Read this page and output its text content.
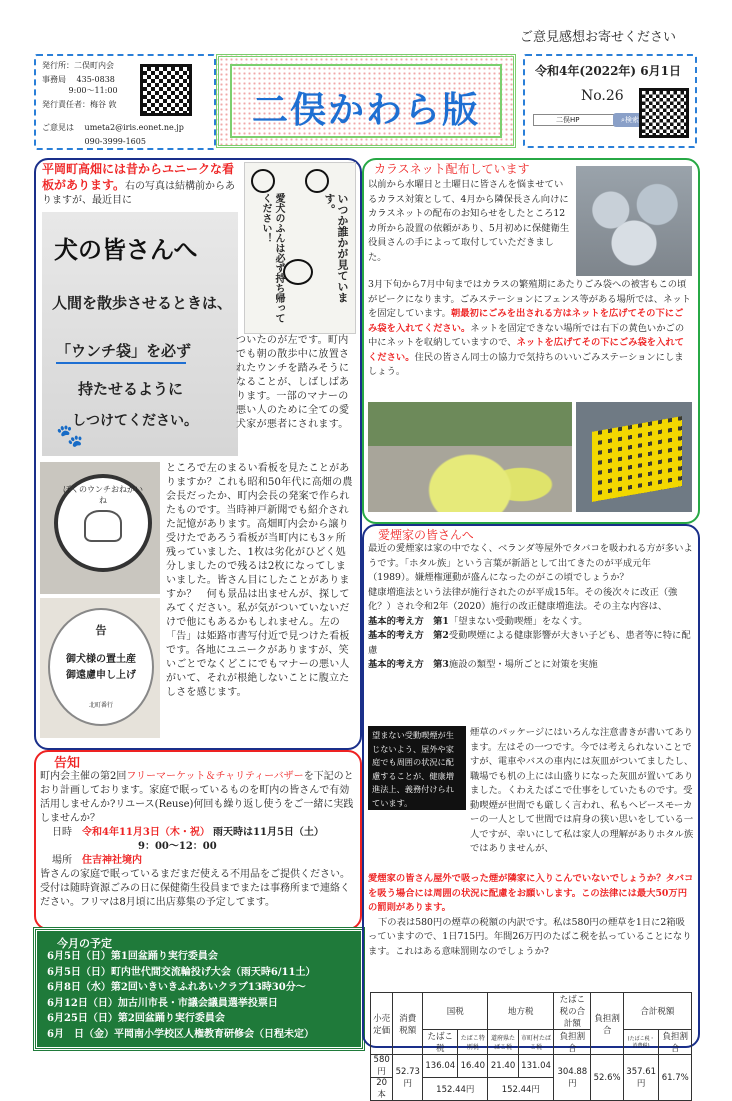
ご意見感想お寄せください
発行所：二俣町内会
事務局　 435-0838
　　　 9:00～11:00
発行責任者：梅谷 敦
ご意見は　 umeta2@iris.eonet.ne.jp
　　　　　 090-3999-1605
二俣かわら版
令和4年(2022年) 6月1日
No.26
二俣HP	⌕検索
平岡町高畑には昔からユニークな看板があります。右の写真は結構前からありますが、最近目に
犬の皆さんへ
人間を散歩させるときは、
「ウンチ袋」を必ず
持たせるように
しつけてください。
🐾
いつか誰かが見ています。
愛犬のふんは必ず持ち帰ってください！
ついたのが左です。町内でも朝の散歩中に放置されたウンチを踏みそうになることが、しばしばあります。一部のマナーの悪い人のために全ての愛犬家が悪者にされます。
ぼくのウンチおねがいね
告
御犬様の置土産
御遠慮申し上げ
北町番行
ところで左のまるい看板を見たことがありますか？これも昭和50年代に高畑の農会長だったか、町内会長の発案で作られたものです。当時神戸新聞でも紹介された記憶があります。高畑町内会から譲り受けたであろう看板が当町内にも3ヶ所残っていました、1枚は劣化がひどく処分しましたので残るは2枚になってしまいました。皆さん目にしたことがありますか？　何も景品は出ませんが、探してみてください。私が気がついていないだけで他にもあるかもしれません。左の「告」は姫路市書写付近で見つけた看板です。各地にユニークがありますが、笑いごとでなくどこにでもマナーの悪い人がいて、それが根絶しないことに腹立たしさを感じます。
告知
町内会主催の第2回フリーマーケット＆チャリティーバザーを下記のとおり計画しております。家庭で眠っているものを町内の皆さんで有効活用しませんか?リユース(Reuse)何回も繰り返し使うをご一緒に実践しませんか？
日時　 令和4年11月3日（木・祝） 雨天時は11月5日（土）
9：00～12：00
場所　 住吉神社境内
皆さんの家庭で眠っているまだまだ使える不用品をご提供ください。受付は随時資源ごみの日に保健衛生役員までまたは事務所まで連絡ください。フリマは8月頃に出店募集の予定してます。
今月の予定
6月5日（日）第1回盆踊り実行委員会
6月5日（日）町内世代間交流輪投げ大会（雨天時6/11土）
6月8日（水）第2回いきいきふれあいクラブ13時30分～
6月12日（日）加古川市長・市議会議員選挙投票日
6月25日（日）第2回盆踊り実行委員会
6月　日（金）平岡南小学校区人権教育研修会（日程未定）
カラスネット配布しています
以前から水曜日と土曜日に皆さんを悩ませているカラス対策として、4月から隣保長さん向けにカラスネットの配布のお知らせをしたところ12カ所から設置の依頼があり、5月初めに保健衛生役員さんの手によって取付していただきました。
3月下旬から7月中旬まではカラスの繁殖期にあたりごみ袋への被害もこの頃がピークになります。ごみステーションにフェンス等がある場所では、ネットを固定しています。朝最初にごみを出される方はネットを広げてその下にごみ袋を入れてください。ネットを固定できない場所では右下の黄色いかごの中にネットを収納していますので、ネットを広げてその下にごみ袋を入れてください。住民の皆さん同士の協力で気持ちのいいごみステーションにしましょう。
愛煙家の皆さんへ
最近の愛煙家は家の中でなく、ベランダ等屋外でタバコを吸われる方が多いようです。「ホタル族」という言葉が新語として出てきたのが平成元年（1989）。嫌煙権運動が盛んになったのがこの頃でしょうか？
健康増進法という法律が施行されたのが平成15年。その後次々に改正（強化？）され令和2年（2020）施行の改正健康増進法。その主な内容は、
基本的考え方　 第1「望まない受動喫煙」をなくす。
基本的考え方　 第2受動喫煙による健康影響が大きい子ども、患者等に特に配慮
基本的考え方　 第3施設の類型・場所ごとに対策を実施
望まない受動喫煙が生じないよう、屋外や家庭でも周囲の状況に配慮することが、健康増進法上、義務付けられています。
煙草のパッケージにはいろんな注意書きが書いてあります。左はその一つです。今では考えられないことですが、電車やバスの車内には灰皿がついてましたし、職場でも机の上には山盛りになった灰皿が置いてありました。くわえたばこで仕事をしていたものです。受動喫煙が世間でも厳しく言われ、私もヘビースモーカーの一人として世間では肩身の狭い思いをしている一人ですが、幸いにして私は家人の理解がありホタル族ではありませんが、
愛煙家の皆さん屋外で吸った煙が隣家に入りこんでいないでしょうか？タバコを吸う場合には周囲の状況に配慮をお願いします。この法律には最大50万円の罰則があります。
下の表は580円の煙草の税額の内訳です。私は580円の煙草を1日に2箱吸っていますので、1日715円。年間26万円のたばこ税を払っていることになります。これはある意味罰則なのでしょうか?
小売定価	消費税額	国税		地方税		たばこ税の合計額	負担割合	合計税額	
		たばこ税	たばこ特別税	道府県たばこ税	市町村たばこ税	負担割合		(たばこ税・消費税)	負担割合
580円	52.73円	136.04	16.40	21.40	131.04	304.88円	52.6%	357.61円	61.7%
20本		152.44円		152.44円					
